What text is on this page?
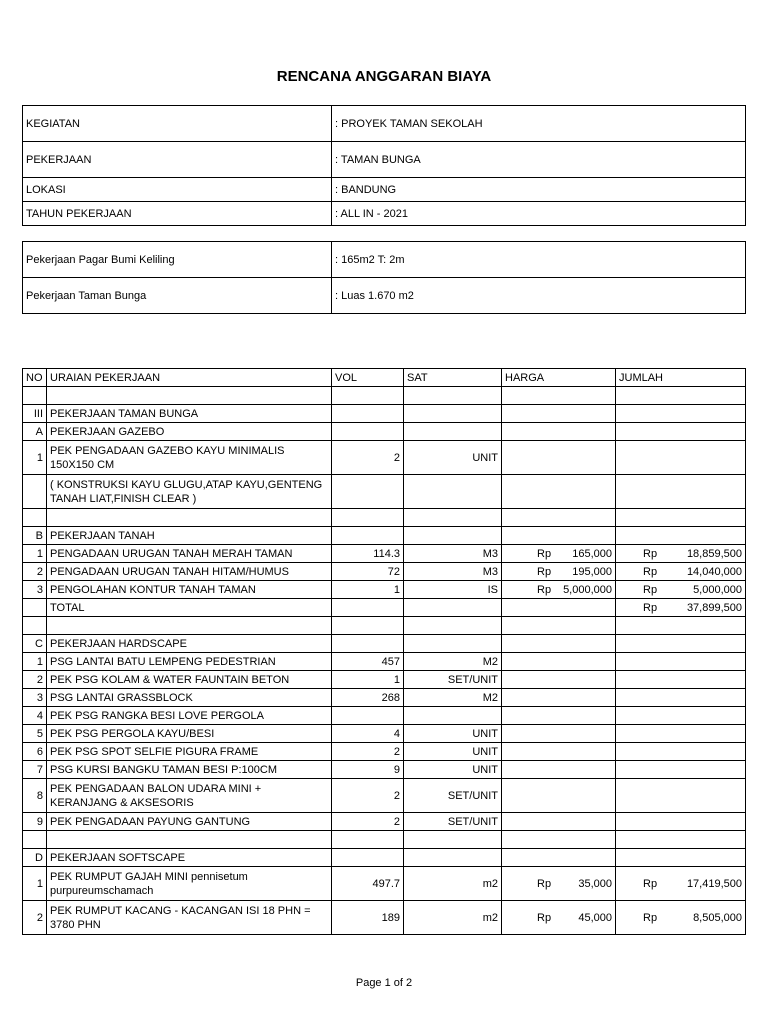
RENCANA ANGGARAN BIAYA
KEGIATAN	: PROYEK TAMAN SEKOLAH
PEKERJAAN	: TAMAN BUNGA
LOKASI	: BANDUNG
TAHUN PEKERJAAN	: ALL IN - 2021
Pekerjaan Pagar Bumi Keliling	: 165m2 T: 2m
Pekerjaan Taman Bunga	: Luas 1.670 m2
NO	URAIAN PEKERJAAN	VOL	SAT	HARGA	JUMLAH

III	PEKERJAAN TAMAN BUNGA			

A	PEKERJAAN GAZEBO			

1	PEK PENGADAAN GAZEBO KAYU MINIMALIS 150X150 CM	2	UNIT	

	( KONSTRUKSI KAYU GLUGU,ATAP KAYU,GENTENG TANAH LIAT,FINISH CLEAR )			

B	PEKERJAAN TANAH			

1	PENGADAAN URUGAN TANAH MERAH TAMAN	114.3	M3	Rp 165,000	Rp 18,859,500

2	PENGADAAN URUGAN TANAH HITAM/HUMUS	72	M3	Rp 195,000	Rp 14,040,000

3	PENGOLAHAN KONTUR TANAH TAMAN	1	IS	Rp 5,000,000	Rp 5,000,000

	TOTAL				Rp 37,899,500

C	PEKERJAAN HARDSCAPE			

1	PSG LANTAI BATU LEMPENG PEDESTRIAN	457	M2	

2	PEK PSG KOLAM & WATER FAUNTAIN BETON	1	SET/UNIT	

3	PSG LANTAI GRASSBLOCK	268	M2	

4	PEK PSG RANGKA BESI LOVE PERGOLA			

5	PEK PSG PERGOLA KAYU/BESI	4	UNIT	

6	PEK PSG SPOT SELFIE PIGURA FRAME	2	UNIT	

7	PSG KURSI BANGKU TAMAN BESI P:100CM	9	UNIT	

8	PEK PENGADAAN BALON UDARA MINI + KERANJANG & AKSESORIS	2	SET/UNIT	

9	PEK PENGADAAN PAYUNG GANTUNG	2	SET/UNIT	

D	PEKERJAAN SOFTSCAPE			

1	PEK RUMPUT GAJAH MINI pennisetum purpureumschamach	497.7	m2	Rp 35,000	Rp 17,419,500

2	PEK RUMPUT KACANG - KACANGAN ISI 18 PHN = 3780 PHN	189	m2	Rp 45,000	Rp 8,505,000
Page 1 of 2
